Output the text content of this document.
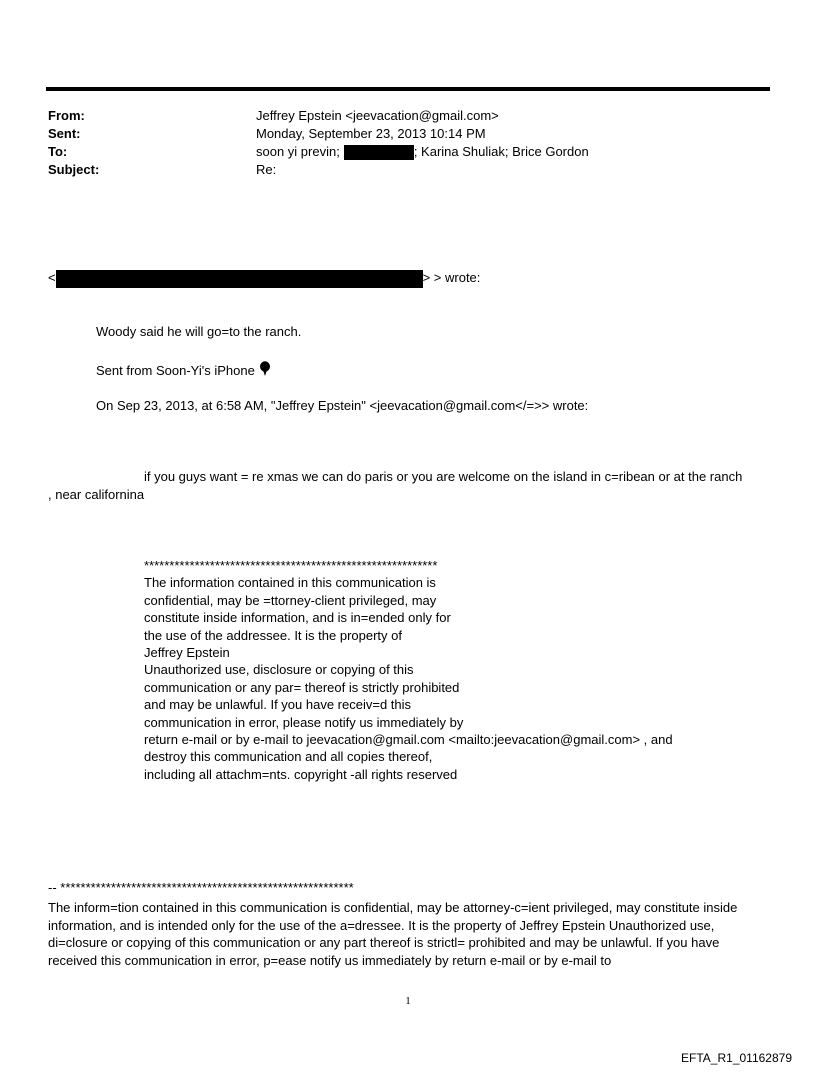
From:	Jeffrey Epstein <jeevacation@gmail.com>
Sent:	Monday, September 23, 2013 10:14 PM
To:	soon yi previn;	; Karina Shuliak; Brice Gordon
Subject:	Re:
<	> > wrote:
Woody said he will go=to the ranch.
Sent from Soon-Yi's iPhone
On Sep 23, 2013, at 6:58 AM, "Jeffrey Epstein" <jeevacation@gmail.com</=>> wrote:
if you guys want = re xmas we can do paris or you are welcome on the island in c=ribean or at the ranch
, near californina
**********************************************************
The information contained in this communication is
confidential, may be =ttorney-client privileged, may
constitute inside information, and is in=ended only for
the use of the addressee. It is the property of
Jeffrey Epstein
Unauthorized use, disclosure or copying of this
communication or any par= thereof is strictly prohibited
and may be unlawful. If you have receiv=d this
communication in error, please notify us immediately by
return e-mail or by e-mail to jeevacation@gmail.com <mailto:jeevacation@gmail.com> , and
destroy this communication and all copies thereof,
including all attachm=nts. copyright -all rights reserved
-- **********************************************************
The inform=tion contained in this communication is confidential, may be attorney-c=ient privileged, may constitute inside information, and is intended only for the use of the a=dressee. It is the property of Jeffrey Epstein Unauthorized use, di=closure or copying of this communication or any part thereof is strictl= prohibited and may be unlawful. If you have received this communication in error, p=ease notify us immediately by return e-mail or by e-mail to
1
EFTA_R1_01162879
